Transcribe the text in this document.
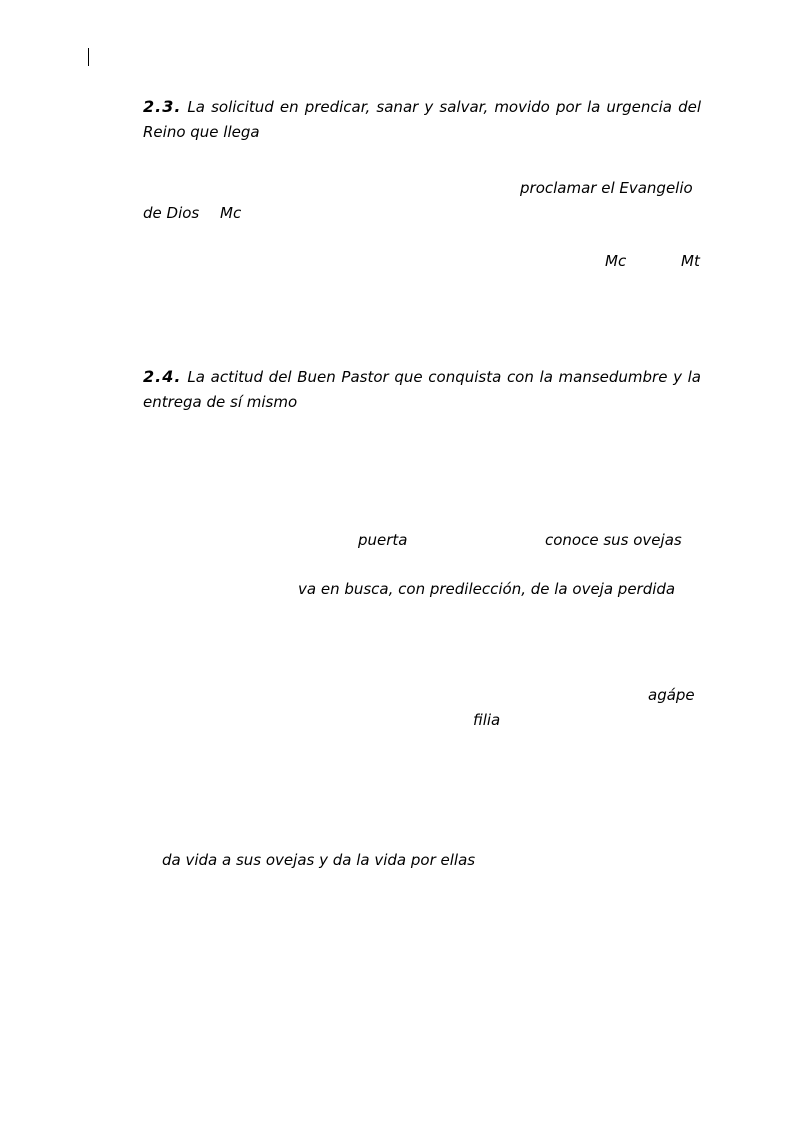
2.3. La solicitud en predicar, sanar y salvar, movido por la urgencia del Reino que llega
proclamar el Evangelio
de Dios Mc
Mc	Mt
2.4. La actitud del Buen Pastor que conquista con la mansedumbre y la entrega de sí mismo
puerta	conoce sus ovejas
va en busca, con predilección, de la oveja perdida
agápe
filia
da vida a sus ovejas y da la vida por ellas
